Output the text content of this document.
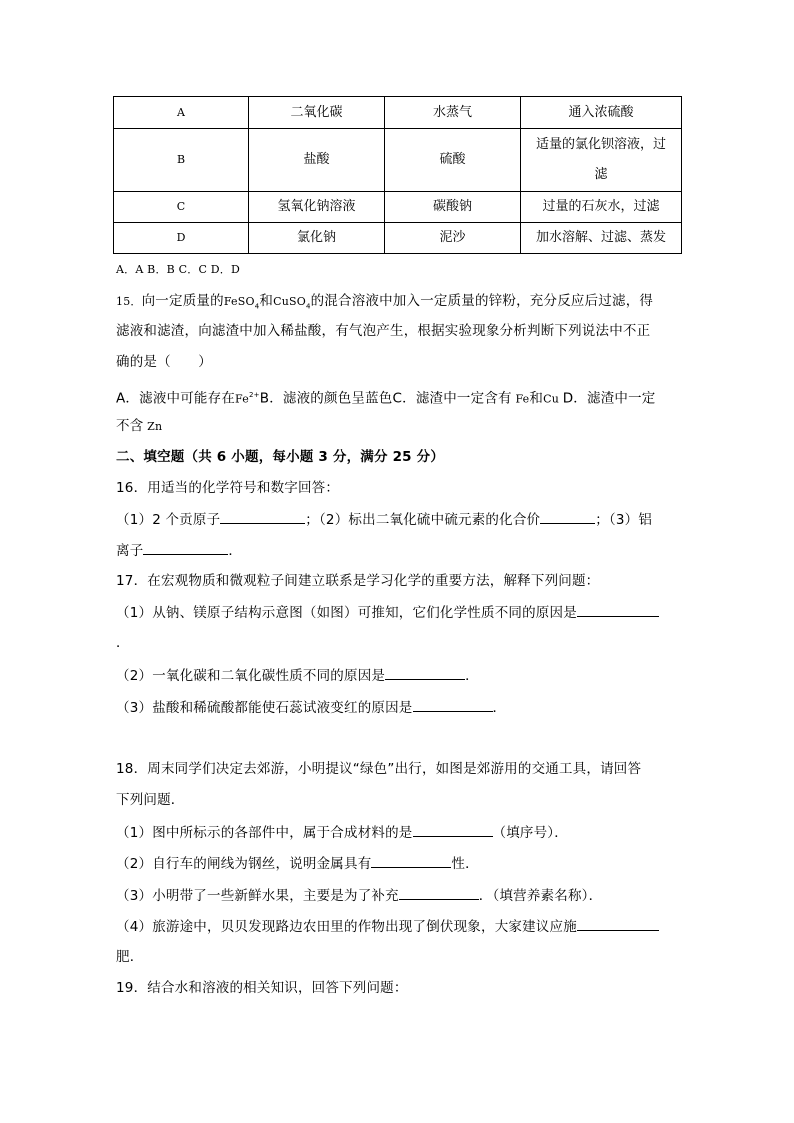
A	二氧化碳	水蒸气	通入浓硫酸
B	盐酸	硫酸	适量的氯化钡溶液，过
滤

C	氢氧化钠溶液	碳酸钠	过量的石灰水，过滤
D	氯化钠	泥沙	加水溶解、过滤、蒸发
A．A B．B C．C D．D
15．向一定质量的FeSO$_4$和CuSO$_4$的混合溶液中加入一定质量的锌粉，充分反应后过滤，得
滤液和滤渣，向滤渣中加入稀盐酸，有气泡产生，根据实验现象分析判断下列说法中不正
确的是（　　）
A．滤液中可能存在$Fe^{2+}B$．滤液的颜色呈蓝色C．滤渣中一定含有 Fe和Cu D．滤渣中一定
不含 Zn
二、填空题（共 6 小题，每小题 3 分，满分 25 分）
16．用适当的化学符号和数字回答：
（1）2 个贡原子	；（2）标出二氧化硫中硫元素的化合价	；（3）铝
离子	．
17．在宏观物质和微观粒子间建立联系是学习化学的重要方法，解释下列问题：
（1）从钠、镁原子结构示意图（如图）可推知，它们化学性质不同的原因是
．
（2）一氧化碳和二氧化碳性质不同的原因是	．
（3）盐酸和稀硫酸都能使石蕊试液变红的原因是	．
18．周末同学们决定去郊游，小明提议“绿色”出行，如图是郊游用的交通工具，请回答
下列问题．
（1）图中所标示的各部件中，属于合成材料的是	（填序号）．
（2）自行车的闸线为钢丝，说明金属具有	性．
（3）小明带了一些新鲜水果，主要是为了补充	．（填营养素名称）．
（4）旅游途中，贝贝发现路边农田里的作物出现了倒伏现象，大家建议应施
肥．
19．结合水和溶液的相关知识，回答下列问题：
